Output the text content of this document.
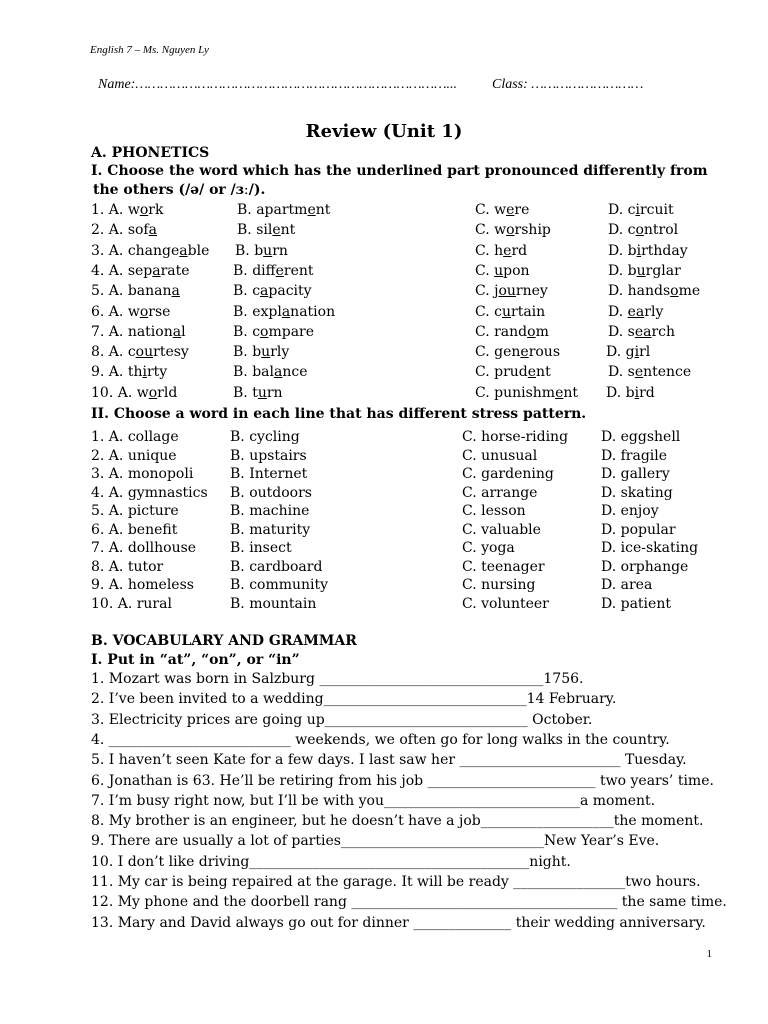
English 7 – Ms. Nguyen Ly
Name:…………………………………………………………………... Class: ………………………
Review (Unit 1)
A. PHONETICS
I. Choose the word which has the underlined part pronounced differently from
the others (/ə/ or /ɜː/).
1. A. work	B. apartment	C. were	D. circuit
2. A. sofa	B. silent	C. worship	D. control
3. A. changeable B. burn	C. herd	D. birthday
4. A. separate	B. different	C. upon	D. burglar
5. A. banana	B. capacity	C. journey	D. handsome
6. A. worse	B. explanation	C. curtain	D. early
7. A. national	B. compare	C. random	D. search
8. A. courtesy	B. burly	C. generous	D. girl
9. A. thirty	B. balance	C. prudent	D. sentence
10. A. world	B. turn	C. punishment D. bird
II. Choose a word in each line that has different stress pattern.
1. A. collage	B. cycling	C. horse-riding D. eggshell
2. A. unique	B. upstairs	C. unusual	D. fragile
3. A. monopoli	B. Internet	C. gardening	D. gallery
4. A. gymnastics B. outdoors	C. arrange	D. skating
5. A. picture	B. machine	C. lesson	D. enjoy
6. A. benefit	B. maturity	C. valuable	D. popular
7. A. dollhouse B. insect	C. yoga	D. ice-skating
8. A. tutor	B. cardboard	C. teenager	D. orphange
9. A. homeless	B. community	C. nursing	D. area
10. A. rural	B. mountain	C. volunteer	D. patient
B. VOCABULARY AND GRAMMAR
I. Put in “at”, “on”, or “in”
1. Mozart was born in Salzburg ________________________________1756.
2. I’ve been invited to a wedding_____________________________14 February.
3. Electricity prices are going up_____________________________ October.
4. __________________________ weekends, we often go for long walks in the country.
5. I haven’t seen Kate for a few days. I last saw her _______________________ Tuesday.
6. Jonathan is 63. He’ll be retiring from his job ________________________ two years’ time.
7. I’m busy right now, but I’ll be with you____________________________a moment.
8. My brother is an engineer, but he doesn’t have a job___________________the moment.
9. There are usually a lot of parties_____________________________New Year’s Eve.
10. I don’t like driving________________________________________night.
11. My car is being repaired at the garage. It will be ready ________________two hours.
12. My phone and the doorbell rang ______________________________________ the same time.
13. Mary and David always go out for dinner ______________ their wedding anniversary.
1
